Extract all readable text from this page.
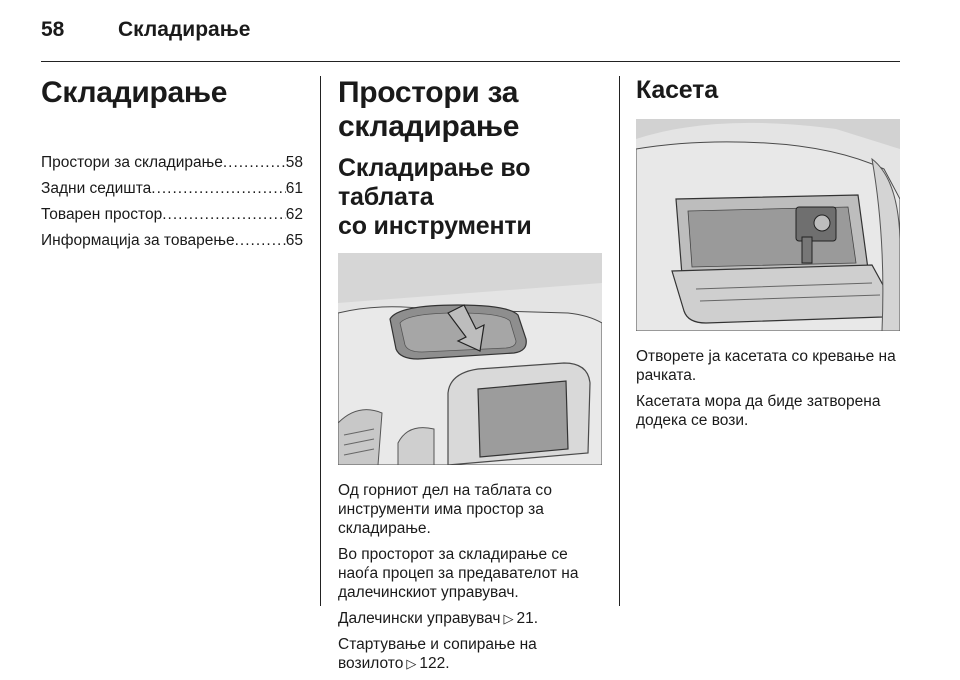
58	Складирање
Складирање
Простори за складирање .....	58
Задни седишта .....	61
Товарен простор .....	62
Информација за товарење .....	65
Простори за
складирање
Складирање во таблата
со инструменти

Од горниот дел на таблата со инструменти има простор за складирање.

Во просторот за складирање се наоѓа процеп за предавателот на далечинскиот управувач.

Далечински управувач ▷ 21.

Стартување и сопирање на возилото ▷ 122.

Касета

Отворете ја касетата со кревање на рачката.

Касетата мора да биде затворена додека се вози.
